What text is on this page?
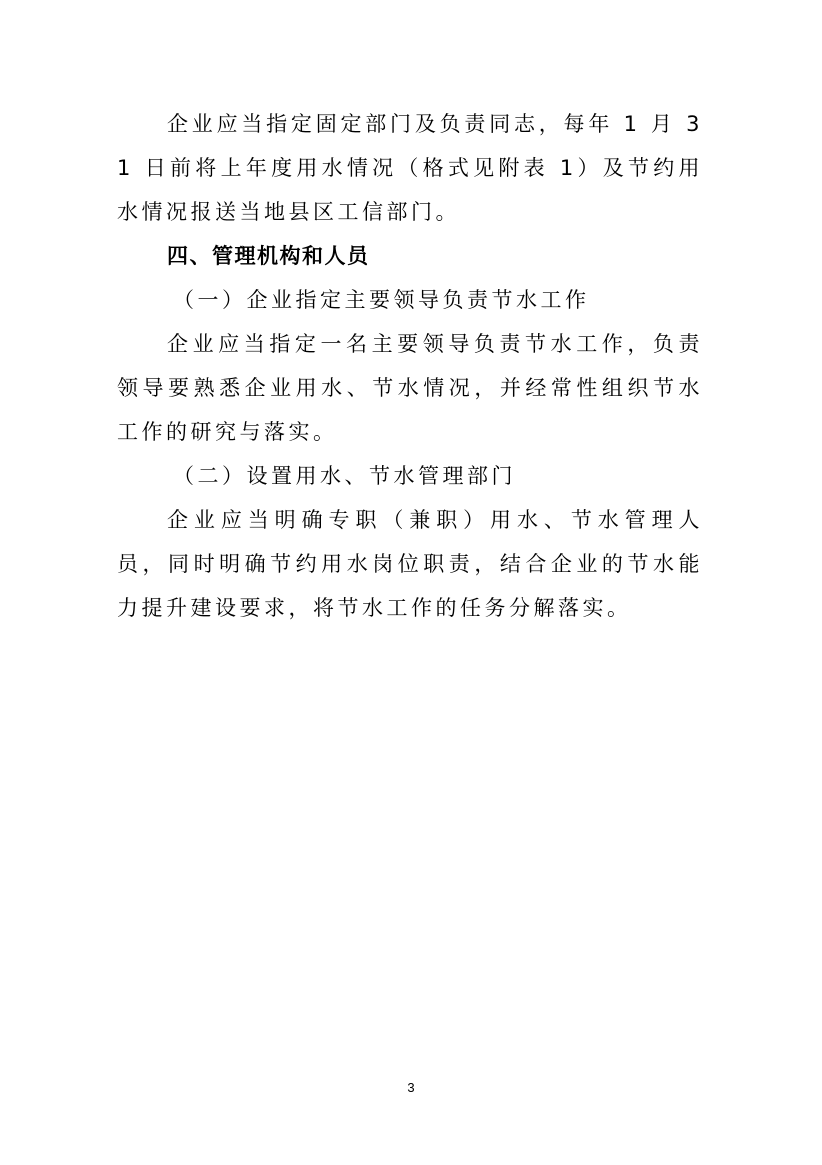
企业应当指定固定部门及负责同志，每年 1 月 31 日前将上年度用水情况（格式见附表 1）及节约用水情况报送当地县区工信部门。

四、管理机构和人员

（一）企业指定主要领导负责节水工作

企业应当指定一名主要领导负责节水工作，负责领导要熟悉企业用水、节水情况，并经常性组织节水工作的研究与落实。

（二）设置用水、节水管理部门

企业应当明确专职（兼职）用水、节水管理人员，同时明确节约用水岗位职责，结合企业的节水能力提升建设要求，将节水工作的任务分解落实。

3
